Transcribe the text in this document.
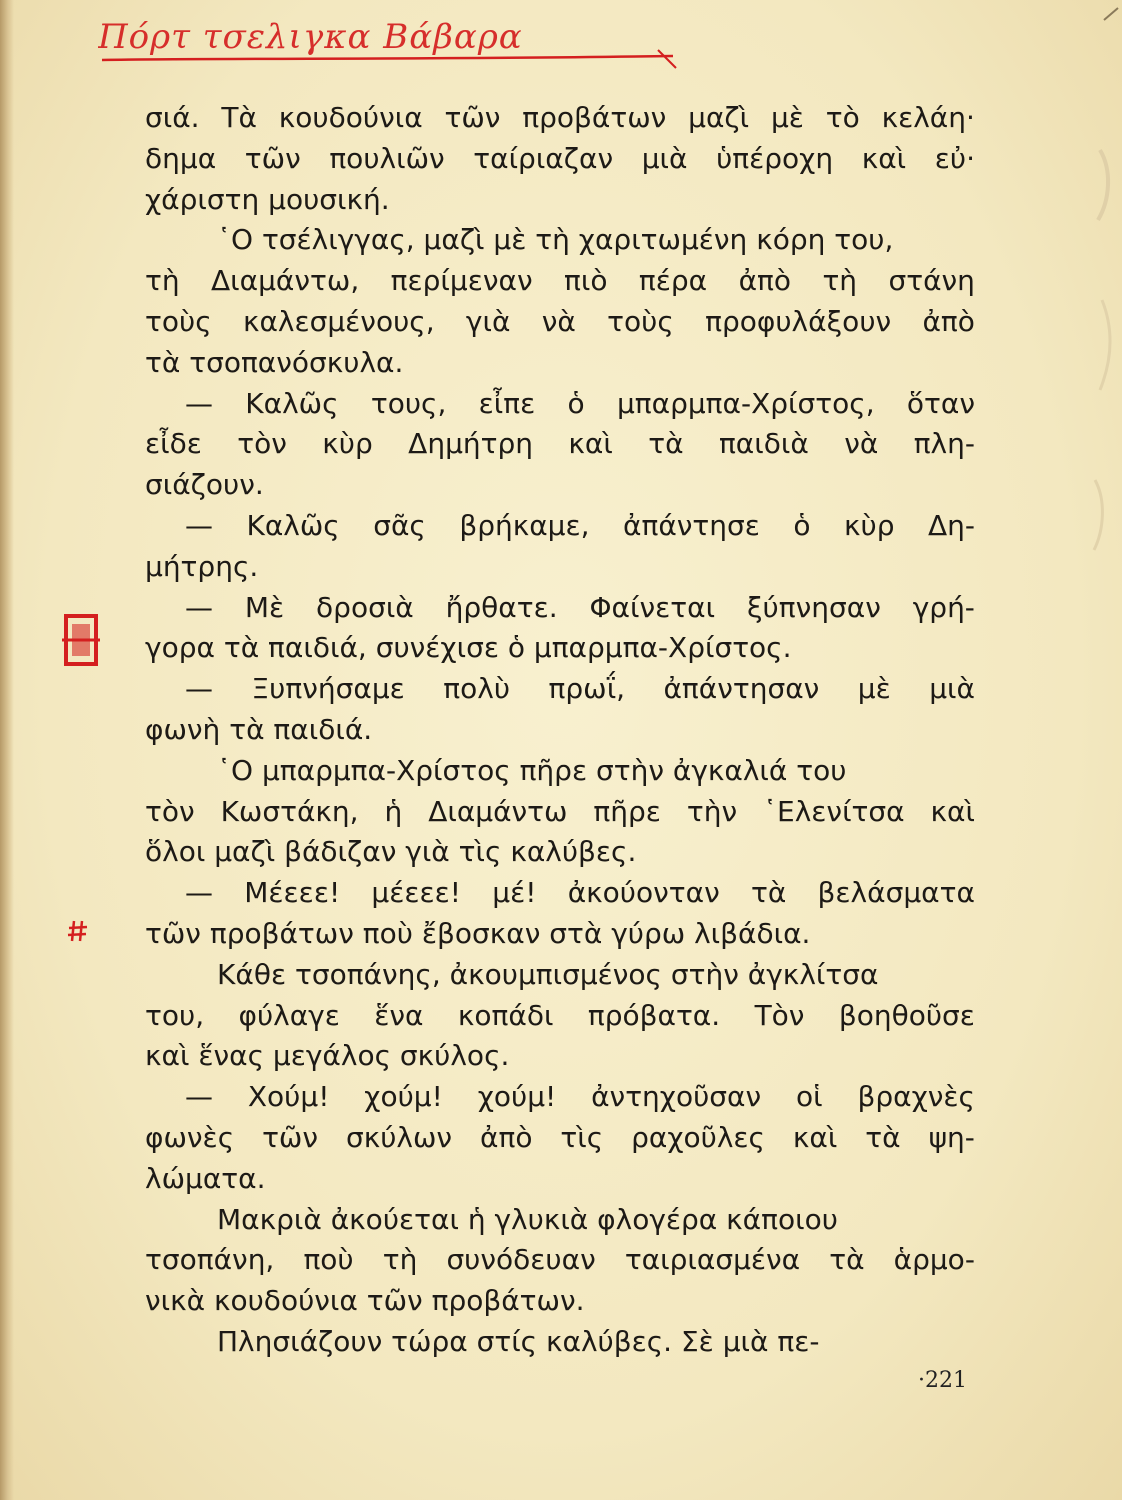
Πόρτ τσελιγκα Βάβαρα
σιά. Τὰ κουδούνια τῶν προβάτων μαζὶ μὲ τὸ κελάη·
δημα τῶν πουλιῶν ταίριαζαν μιὰ ὑπέροχη καὶ εὐ·
χάριστη μουσική.
῾Ο τσέλιγγας, μαζὶ μὲ τὴ χαριτωμένη κόρη του,
τὴ Διαμάντω, περίμεναν πιὸ πέρα ἀπὸ τὴ στάνη
τοὺς καλεσμένους, γιὰ νὰ τοὺς προφυλάξουν ἀπὸ
τὰ τσοπανόσκυλα.
— Καλῶς τους, εἶπε ὁ μπαρμπα-Χρίστος, ὅταν
εἶδε τὸν κὺρ Δημήτρη καὶ τὰ παιδιὰ νὰ πλη-
σιάζουν.
— Καλῶς σᾶς βρήκαμε, ἀπάντησε ὁ κὺρ Δη-
μήτρης.
— Μὲ δροσιὰ ἤρθατε. Φαίνεται ξύπνησαν γρή-
γορα τὰ παιδιά, συνέχισε ὁ μπαρμπα-Χρίστος.
— Ξυπνήσαμε πολὺ πρωΐ, ἀπάντησαν μὲ μιὰ
φωνὴ τὰ παιδιά.
῾Ο μπαρμπα-Χρίστος πῆρε στὴν ἀγκαλιά του
τὸν Κωστάκη, ἡ Διαμάντω πῆρε τὴν ῾Ελενίτσα καὶ
ὅλοι μαζὶ βάδιζαν γιὰ τὶς καλύβες.
— Μέεεε! μέεεε! μέ! ἀκούονταν τὰ βελάσματα
τῶν προβάτων ποὺ ἔβοσκαν στὰ γύρω λιβάδια.
Κάθε τσοπάνης, ἀκουμπισμένος στὴν ἀγκλίτσα
του, φύλαγε ἕνα κοπάδι πρόβατα. Τὸν βοηθοῦσε
καὶ ἕνας μεγάλος σκύλος.
— Χούμ! χούμ! χούμ! ἀντηχοῦσαν οἱ βραχνὲς
φωνὲς τῶν σκύλων ἀπὸ τὶς ραχοῦλες καὶ τὰ ψη-
λώματα.
Μακριὰ ἀκούεται ἡ γλυκιὰ φλογέρα κάποιου
τσοπάνη, ποὺ τὴ συνόδευαν ταιριασμένα τὰ ἁρμο-
νικὰ κουδούνια τῶν προβάτων.
Πλησιάζουν τώρα στίς καλύβες. Σὲ μιὰ πε-
·221
